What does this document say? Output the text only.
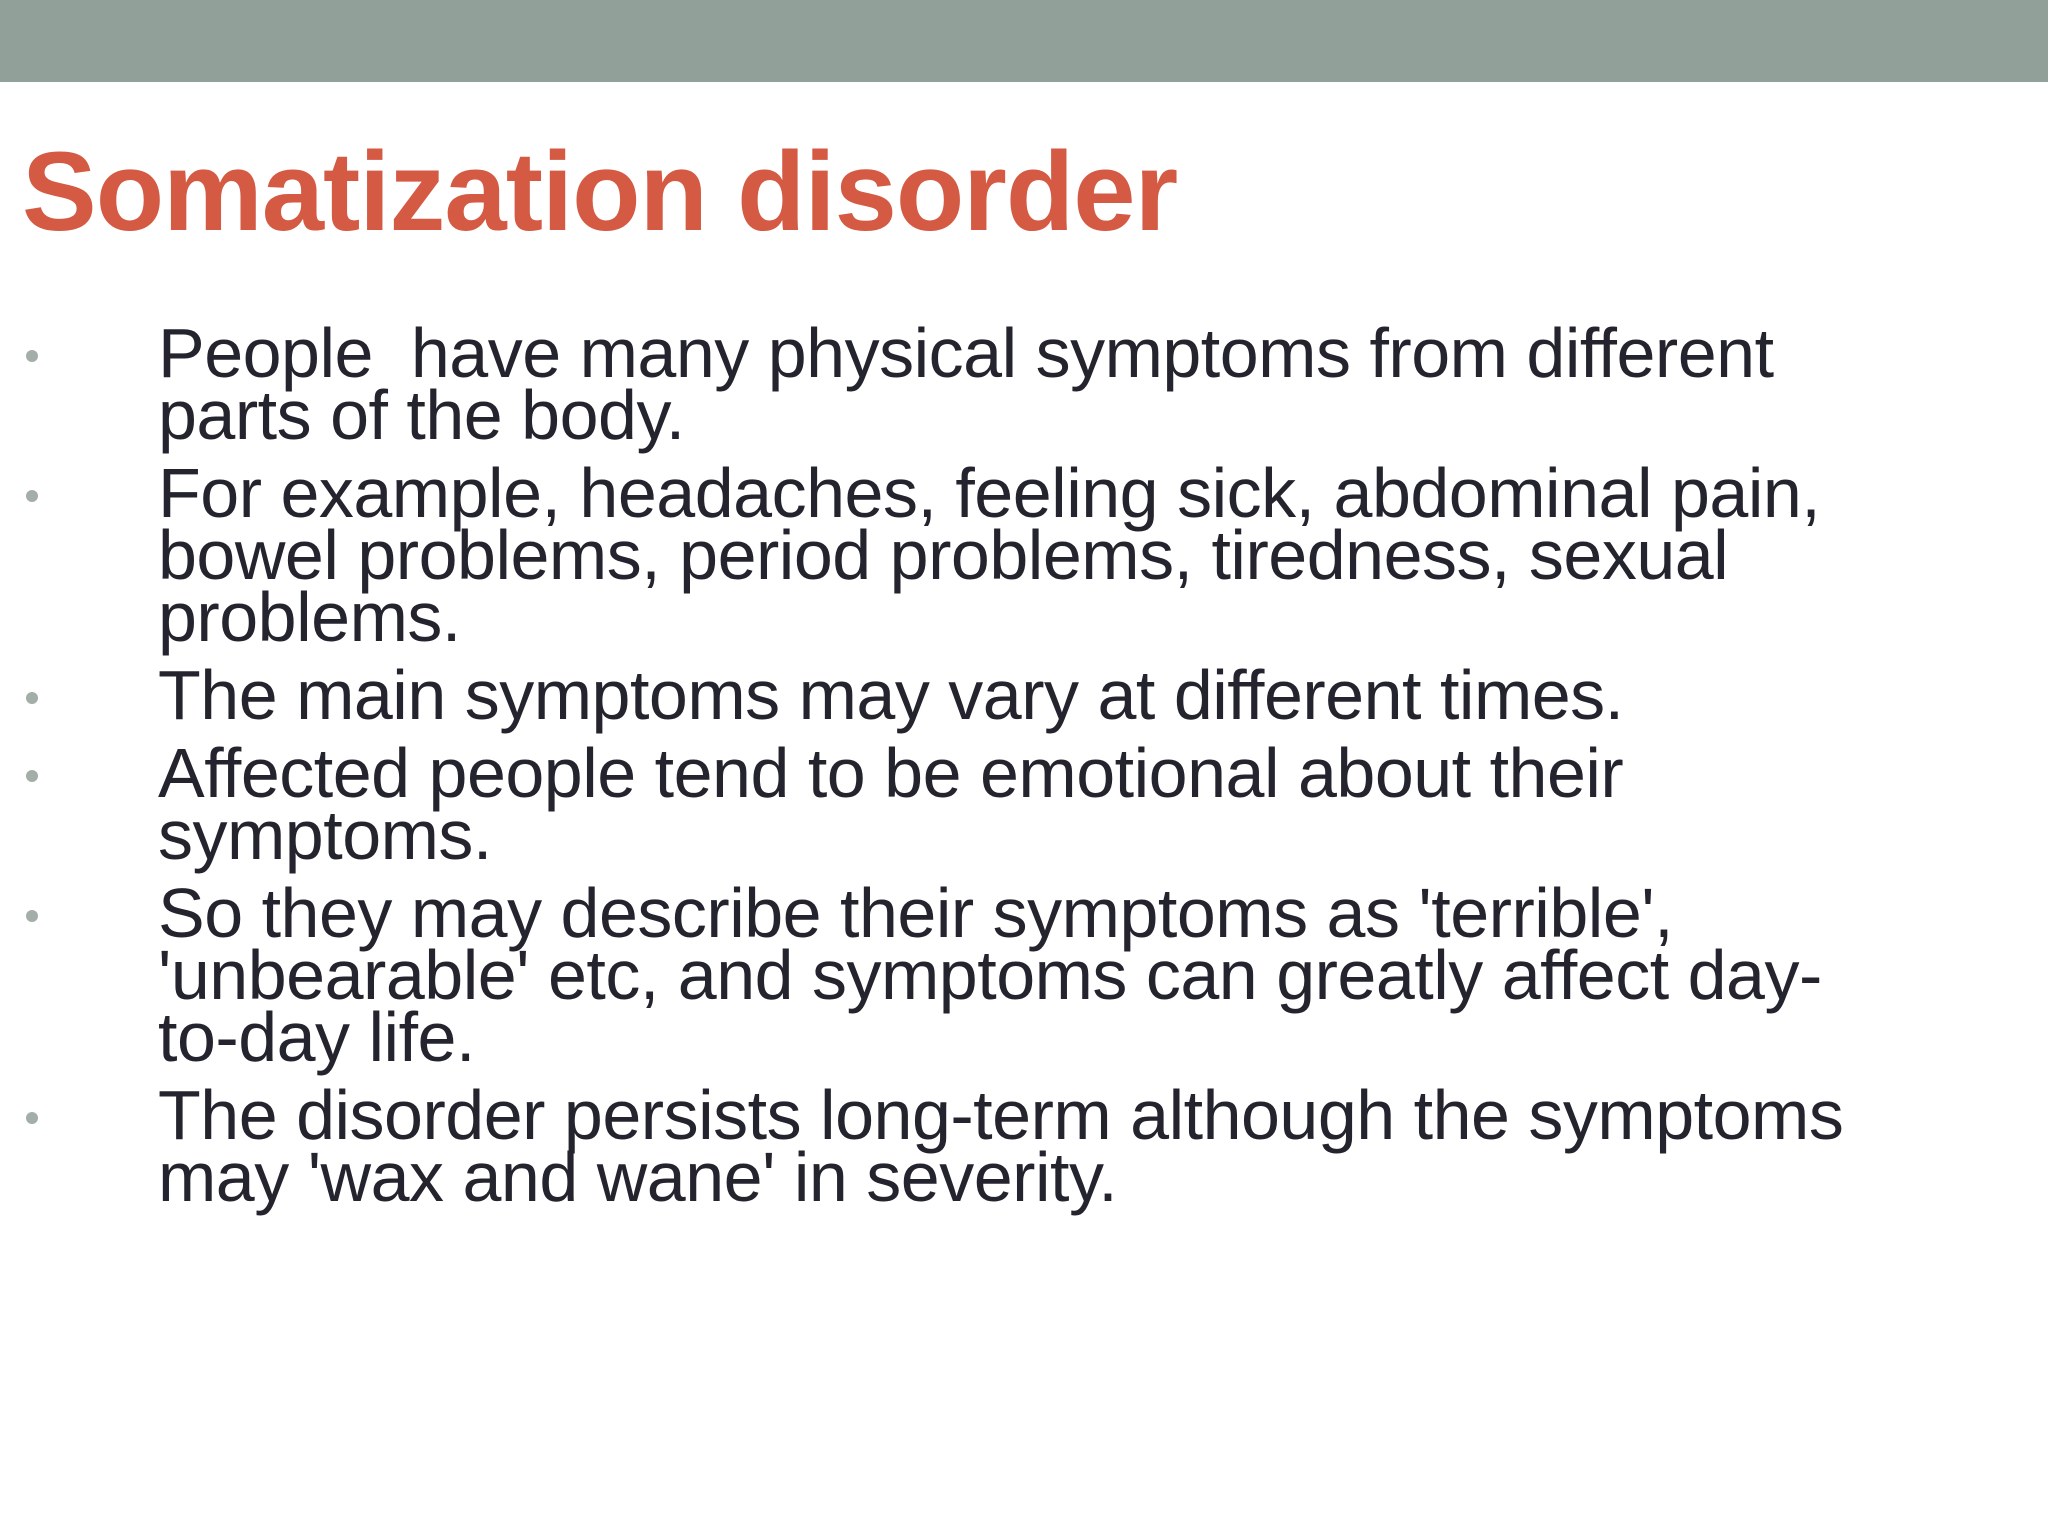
Somatization disorder
People  have many physical symptoms from different parts of the body.
For example, headaches, feeling sick, abdominal pain, bowel problems, period problems, tiredness, sexual problems.
The main symptoms may vary at different times.
Affected people tend to be emotional about their symptoms.
So they may describe their symptoms as 'terrible', 'unbearable' etc, and symptoms can greatly affect day-to-day life.
The disorder persists long-term although the symptoms may 'wax and wane' in severity.
